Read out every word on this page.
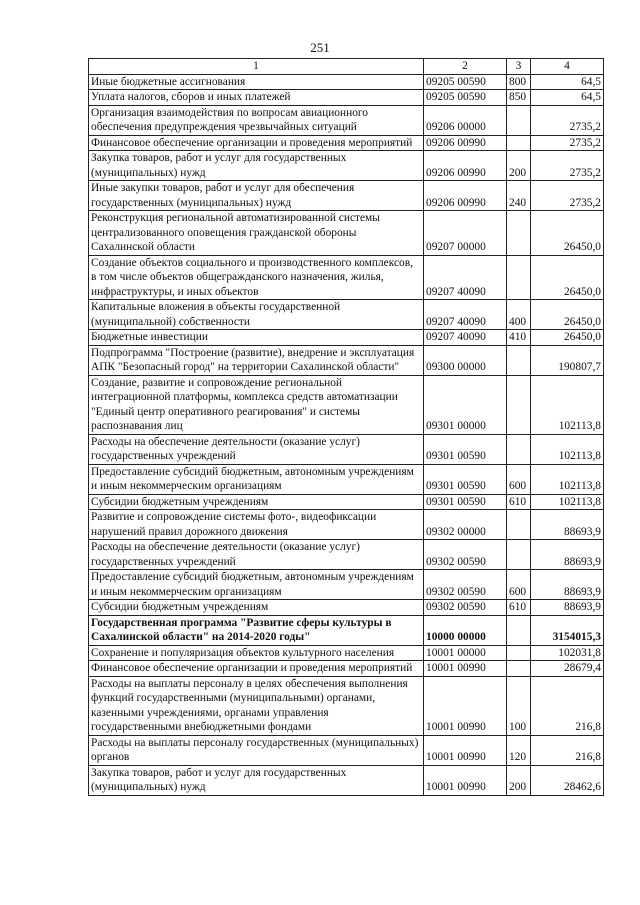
251
1	2	3	4
Иные бюджетные ассигнования	09205 00590	800	64,5
Уплата налогов, сборов и иных платежей	09205 00590	850	64,5
Организация взаимодействия по вопросам авиационного обеспечения предупреждения чрезвычайных ситуаций	09206 00000		2735,2
Финансовое обеспечение организации и проведения мероприятий	09206 00990		2735,2
Закупка товаров, работ и услуг для государственных (муниципальных) нужд	09206 00990	200	2735,2
Иные закупки товаров, работ и услуг для обеспечения государственных (муниципальных) нужд	09206 00990	240	2735,2
Реконструкция региональной автоматизированной системы централизованного оповещения гражданской обороны Сахалинской области	09207 00000		26450,0
Создание объектов социального и производственного комплексов, в том числе объектов общегражданского назначения, жилья, инфраструктуры, и иных объектов	09207 40090		26450,0
Капитальные вложения в объекты государственной (муниципальной) собственности	09207 40090	400	26450,0
Бюджетные инвестиции	09207 40090	410	26450,0
Подпрограмма "Построение (развитие), внедрение и эксплуатация АПК "Безопасный город" на территории Сахалинской области"	09300 00000		190807,7
Создание, развитие и сопровождение региональной интеграционной платформы, комплекса средств автоматизации "Единый центр оперативного реагирования" и системы распознавания лиц	09301 00000		102113,8
Расходы на обеспечение деятельности (оказание услуг) государственных учреждений	09301 00590		102113,8
Предоставление субсидий бюджетным, автономным учреждениям и иным некоммерческим организациям	09301 00590	600	102113,8
Субсидии бюджетным учреждениям	09301 00590	610	102113,8
Развитие и сопровождение системы фото-, видеофиксации нарушений правил дорожного движения	09302 00000		88693,9
Расходы на обеспечение деятельности (оказание услуг) государственных учреждений	09302 00590		88693,9
Предоставление субсидий бюджетным, автономным учреждениям и иным некоммерческим организациям	09302 00590	600	88693,9
Субсидии бюджетным учреждениям	09302 00590	610	88693,9
Государственная программа "Развитие сферы культуры в Сахалинской области" на 2014-2020 годы"	10000 00000		3154015,3
Сохранение и популяризация объектов культурного населения	10001 00000		102031,8
Финансовое обеспечение организации и проведения мероприятий	10001 00990		28679,4
Расходы на выплаты персоналу в целях обеспечения выполнения функций государственными (муниципальными) органами, казенными учреждениями, органами управления государственными внебюджетными фондами	10001 00990	100	216,8
Расходы на выплаты персоналу государственных (муниципальных) органов	10001 00990	120	216,8
Закупка товаров, работ и услуг для государственных (муниципальных) нужд	10001 00990	200	28462,6
